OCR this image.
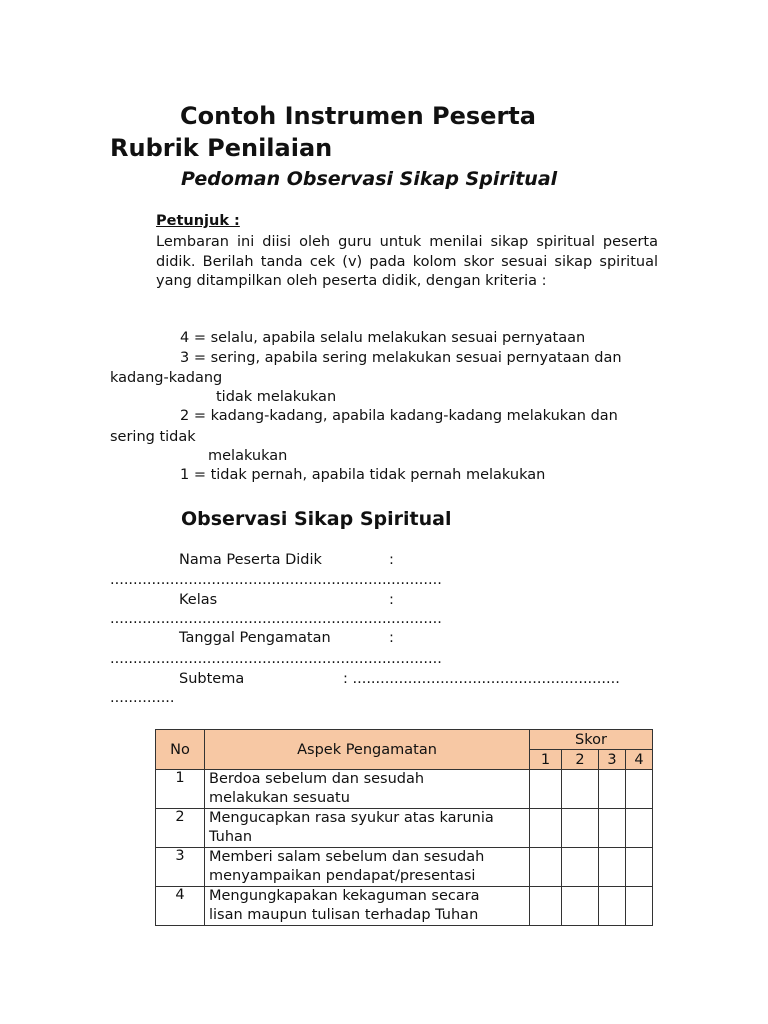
Contoh Instrumen Peserta
Rubrik Penilaian
Pedoman Observasi Sikap Spiritual
Petunjuk :
Lembaran ini diisi oleh guru untuk menilai sikap spiritual peserta didik. Berilah tanda cek (v) pada kolom skor sesuai sikap spiritual yang ditampilkan oleh peserta didik, dengan kriteria :
4 = selalu, apabila selalu melakukan sesuai pernyataan
3 = sering, apabila sering melakukan sesuai pernyataan dan
kadang-kadang
tidak melakukan
2 = kadang-kadang, apabila kadang-kadang melakukan dan
sering tidak
melakukan
1 = tidak pernah, apabila tidak pernah melakukan
Observasi Sikap Spiritual
Nama Peserta Didik	:
........................................................................
Kelas	:
........................................................................
Tanggal Pengamatan	:
........................................................................
Subtema	: ..........................................................
..............
No	Aspek Pengamatan	Skor			
		1	2	3	4
1	Berdoa sebelum dan sesudah
melakukan sesuatu				
2	Mengucapkan rasa syukur atas karunia
Tuhan				
3	Memberi salam sebelum dan sesudah
menyampaikan pendapat/presentasi				
4	Mengungkapakan kekaguman secara
lisan maupun tulisan terhadap Tuhan				
